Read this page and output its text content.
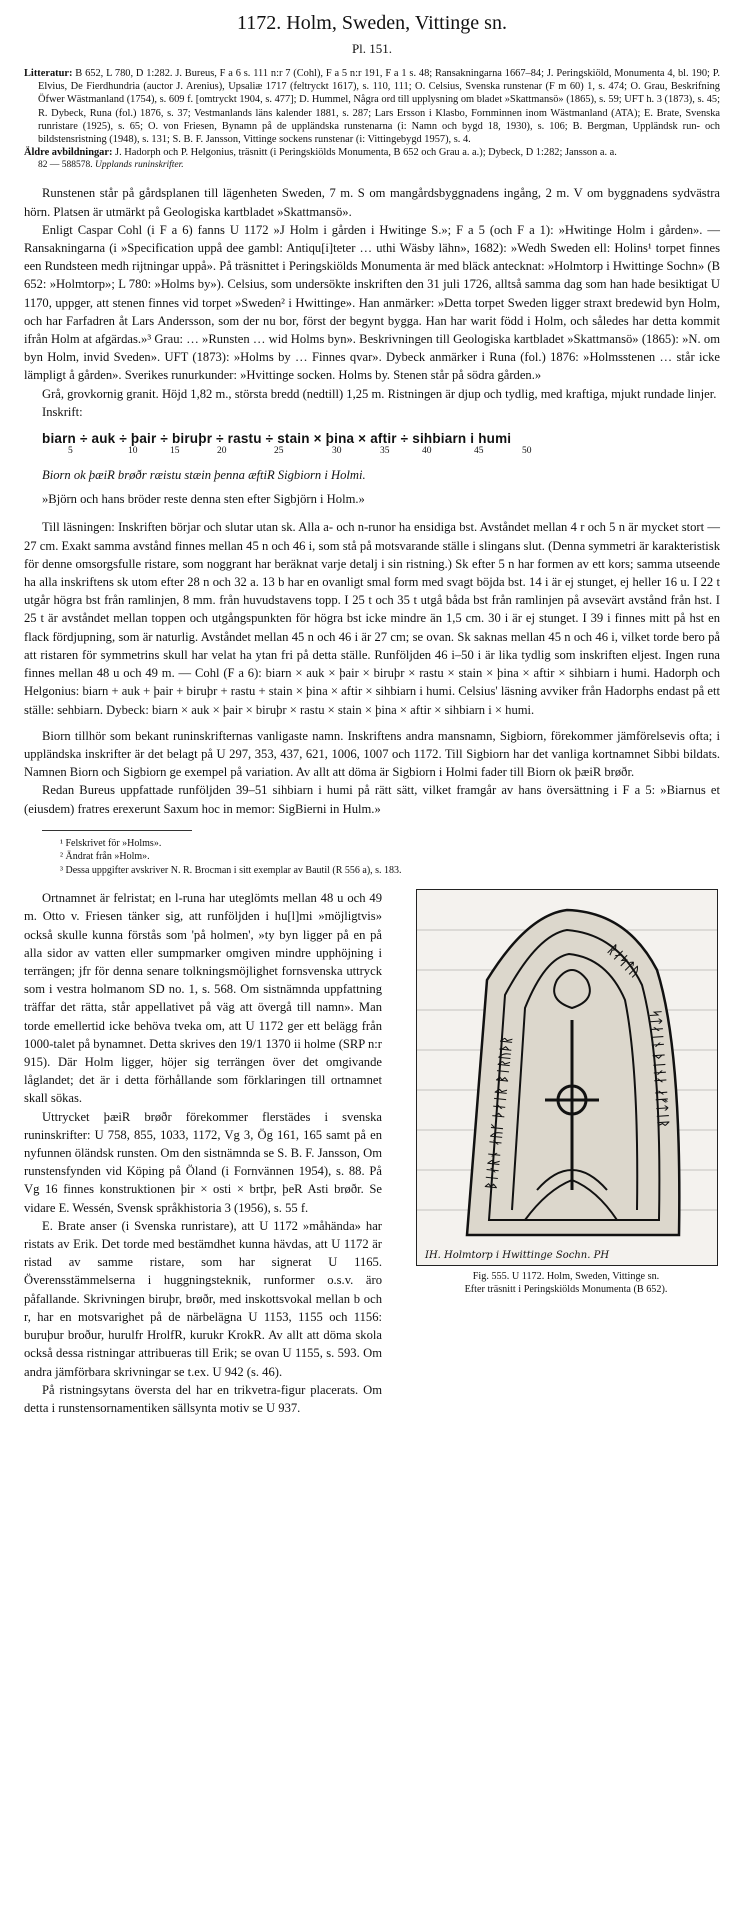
1172. Holm, Sweden, Vittinge sn.
Pl. 151.
Litteratur: B 652, L 780, D 1:282. J. Bureus, F a 6 s. 111 n:r 7 (Cohl), F a 5 n:r 191, F a 1 s. 48; Ransakningarna 1667–84; J. Peringskiöld, Monumenta 4, bl. 190; P. Elvius, De Fierdhundria (auctor J. Arenius), Upsaliæ 1717 (feltryckt 1617), s. 110, 111; O. Celsius, Svenska runstenar (F m 60) 1, s. 474; O. Grau, Beskrifning Öfwer Wästmanland (1754), s. 609 f. [omtryckt 1904, s. 477]; D. Hummel, Några ord till upplysning om bladet »Skattmansö» (1865), s. 59; UFT h. 3 (1873), s. 45; R. Dybeck, Runa (fol.) 1876, s. 37; Vestmanlands läns kalender 1881, s. 287; Lars Ersson i Klasbo, Fornminnen inom Wästmanland (ATA); E. Brate, Svenska runristare (1925), s. 65; O. von Friesen, Bynamn på de uppländska runstenarna (i: Namn och bygd 18, 1930), s. 106; B. Bergman, Uppländsk run- och bildstensristning (1948), s. 131; S. B. F. Jansson, Vittinge sockens runstenar (i: Vittingebygd 1957), s. 4.
Äldre avbildningar: J. Hadorph och P. Helgonius, träsnitt (i Peringskiölds Monumenta, B 652 och Grau a. a.); Dybeck, D 1:282; Jansson a. a.
82 — 588578. Upplands runinskrifter.

Runstenen står på gårdsplanen till lägenheten Sweden, 7 m. S om mangårdsbyggnadens ingång, 2 m. V om byggnadens sydvästra hörn. Platsen är utmärkt på Geologiska kartbladet »Skattmansö».

Enligt Caspar Cohl (i F a 6) fanns U 1172 »J Holm i gården i Hwitinge S.»; F a 5 (och F a 1): »Hwitinge Holm i gården». — Ransakningarna (i »Specification uppå dee gambl: Antiqu[i]teter … uthi Wäsby lähn», 1682): »Wedh Sweden ell: Holins¹ torpet finnes een Rundsteen medh rijtningar uppå». På träsnittet i Peringskiölds Monumenta är med bläck antecknat: »Holmtorp i Hwittinge Sochn» (B 652: »Holmtorp»; L 780: »Holms by»). Celsius, som undersökte inskriften den 31 juli 1726, alltså samma dag som han hade besiktigat U 1170, uppger, att stenen finnes vid torpet »Sweden² i Hwittinge». Han anmärker: »Detta torpet Sweden ligger straxt bredewid byn Holm, och har Farfadren åt Lars Andersson, som der nu bor, först der begynt bygga. Han har warit född i Holm, och således har detta kommit ifrån Holm at afgärdas.»³ Grau: … »Runsten … wid Holms byn». Beskrivningen till Geologiska kartbladet »Skattmansö» (1865): »N. om byn Holm, invid Sveden». UFT (1873): »Holms by … Finnes qvar». Dybeck anmärker i Runa (fol.) 1876: »Holmsstenen … står icke lämpligt å gården». Sverikes runurkunder: »Hvittinge socken. Holms by. Stenen står på södra gården.»

Grå, grovkornig granit. Höjd 1,82 m., största bredd (nedtill) 1,25 m. Ristningen är djup och tydlig, med kraftiga, mjukt rundade linjer.

Inskrift:

biarn ÷ auk ÷ þair ÷ biruþr ÷ rastu ÷ stain × þina × aftir ÷ sihbiarn i humi
5	10	15	20	25	30	35	40	45	50

Biorn ok þæiR brøðr ræistu stæin þenna æftiR Sigbiorn i Holmi.

»Björn och hans bröder reste denna sten efter Sigbjörn i Holm.»

Till läsningen: Inskriften börjar och slutar utan sk. Alla a- och n-runor ha ensidiga bst. Avståndet mellan 4 r och 5 n är mycket stort — 27 cm. Exakt samma avstånd finnes mellan 45 n och 46 i, som stå på motsvarande ställe i slingans slut. (Denna symmetri är karakteristisk för denne omsorgsfulle ristare, som noggrant har beräknat varje detalj i sin ristning.) Sk efter 5 n har formen av ett kors; samma utseende ha alla inskriftens sk utom efter 28 n och 32 a. 13 b har en ovanligt smal form med svagt böjda bst. 14 i är ej stunget, ej heller 16 u. I 22 t utgår högra bst från ramlinjen, 8 mm. från huvudstavens topp. I 25 t och 35 t utgå båda bst från ramlinjen på avsevärt avstånd från hst. I 25 t är avståndet mellan toppen och utgångspunkten för högra bst icke mindre än 1,5 cm. 30 i är ej stunget. I 39 i finnes mitt på hst en flack fördjupning, som är naturlig. Avståndet mellan 45 n och 46 i är 27 cm; se ovan. Sk saknas mellan 45 n och 46 i, vilket torde bero på att ristaren för symmetrins skull har velat ha ytan fri på detta ställe. Runföljden 46 i–50 i är lika tydlig som inskriften eljest. Ingen runa finnes mellan 48 u och 49 m. — Cohl (F a 6): biarn × auk × þair × biruþr × rastu × stain × þina × aftir × sihbiarn i humi. Hadorph och Helgonius: biarn + auk + þair + biruþr + rastu + stain × þina × aftir × sihbiarn i humi. Celsius' läsning avviker från Hadorphs endast på ett ställe: sehbiarn. Dybeck: biarn × auk × þair × biruþr × rastu × stain × þina × aftir × sihbiarn i × humi.

Biorn tillhör som bekant runinskrifternas vanligaste namn. Inskriftens andra mansnamn, Sigbiorn, förekommer jämförelsevis ofta; i uppländska inskrifter är det belagt på U 297, 353, 437, 621, 1006, 1007 och 1172. Till Sigbiorn har det vanliga kortnamnet Sibbi bildats. Namnen Biorn och Sigbiorn ge exempel på variation. Av allt att döma är Sigbiorn i Holmi fader till Biorn ok þæiR brøðr.

Redan Bureus uppfattade runföljden 39–51 sihbiarn i humi på rätt sätt, vilket framgår av hans översättning i F a 5: »Biarnus et (eiusdem) fratres erexerunt Saxum hoc in memor: SigBierni in Hulm.»

¹ Felskrivet för »Holms».
² Ändrat från »Holm».
³ Dessa uppgifter avskriver N. R. Brocman i sitt exemplar av Bautil (R 556 a), s. 183.

Ortnamnet är felristat; en l-runa har uteglömts mellan 48 u och 49 m. Otto v. Friesen tänker sig, att runföljden i hu[l]mi »möjligtvis» också skulle kunna förstås som 'på holmen', »ty byn ligger på en på alla sidor av vatten eller sumpmarker omgiven mindre upphöjning i terrängen; jfr för denna senare tolkningsmöjlighet fornsvenska uttryck som i vestra holmanom SD no. 1, s. 568. Om sistnämnda uppfattning träffar det rätta, står appellativet på väg att övergå till namn». Man torde emellertid icke behöva tveka om, att U 1172 ger ett belägg från 1000-talet på bynamnet. Detta skrives den 19/1 1370 ii holme (SRP n:r 915). Där Holm ligger, höjer sig terrängen över det omgivande låglandet; det är i detta förhållande som förklaringen till ortnamnet skall sökas.

Uttrycket þæiR brøðr förekommer flerstädes i svenska runinskrifter: U 758, 855, 1033, 1172, Vg 3, Ög 161, 165 samt på en nyfunnen öländsk runsten. Om den sistnämnda se S. B. F. Jansson, Om runstensfynden vid Köping på Öland (i Fornvännen 1954), s. 88. På Vg 16 finnes konstruktionen þir × osti × brtþr, þeR Asti brøðr. Se vidare E. Wessén, Svensk språkhistoria 3 (1956), s. 55 f.

E. Brate anser (i Svenska runristare), att U 1172 »måhända» har ristats av Erik. Det torde med bestämdhet kunna hävdas, att U 1172 är ristad av samme ristare, som har signerat U 1165. Överensstämmelserna i huggningsteknik, runformer o.s.v. äro påfallande. Skrivningen biruþr, brøðr, med inskottsvokal mellan b och r, har en motsvarighet på de närbelägna U 1153, 1155 och 1156: buruþur broður, hurulfr HrolfR, kurukr KrokR. Av allt att döma skola också dessa ristningar attribueras till Erik; se ovan U 1155, s. 593. Om andra jämförbara skrivningar se t.ex. U 942 (s. 46).

På ristningsytans översta del har en trikvetra-figur placerats. Om detta i runstensornamentiken sällsynta motiv se U 937.

ᛒᛁᛅᚱᚾ ᛅᚢᚴ ᚦᛅᛁᚱ ᛒᛁᚱᚢᚦᚱ
ᚱᛅᛋᛏᚢ
ᛋᛏᛅᛁᚾ ᚦᛁᚾᛅ ᛅᚠᛏᛁᚱ
IH. Holmtorp i Hwittinge Sochn. PH
Fig. 555. U 1172. Holm, Sweden, Vittinge sn.
Efter träsnitt i Peringskiölds Monumenta (B 652).
